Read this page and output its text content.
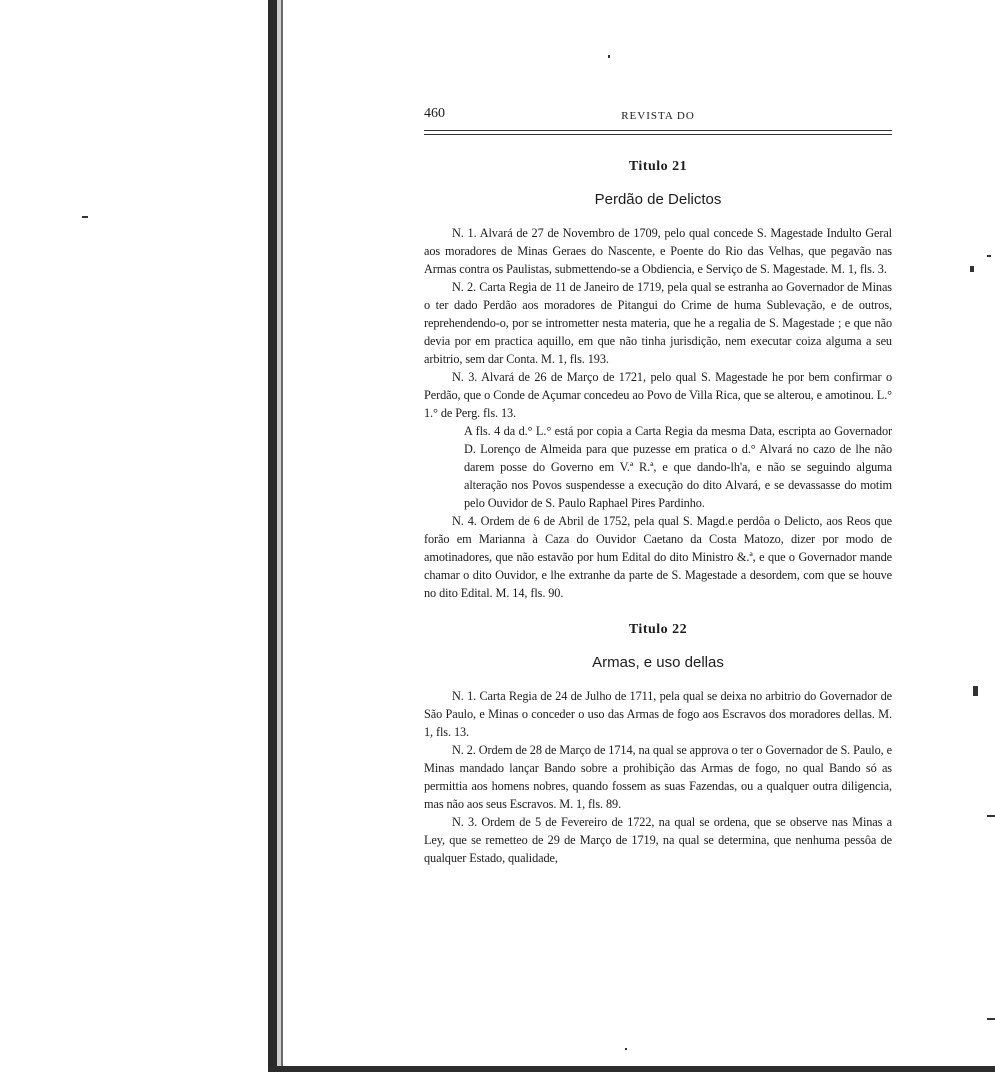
460	REVISTA DO
Titulo 21
Perdão de Delictos

N. 1. Alvará de 27 de Novembro de 1709, pelo qual concede S. Magestade Indulto Geral aos moradores de Minas Geraes do Nascente, e Poente do Rio das Velhas, que pegavão nas Armas contra os Paulistas, submettendo-se a Obdiencia, e Serviço de S. Magestade. M. 1, fls. 3.

N. 2. Carta Regia de 11 de Janeiro de 1719, pela qual se estranha ao Governador de Minas o ter dado Perdão aos moradores de Pitangui do Crime de huma Sublevação, e de outros, reprehendendo-o, por se intrometter nesta materia, que he a regalia de S. Magestade ; e que não devia por em practica aquillo, em que não tinha jurisdição, nem executar coiza alguma a seu arbitrio, sem dar Conta. M. 1, fls. 193.

N. 3. Alvará de 26 de Março de 1721, pelo qual S. Magestade he por bem confirmar o Perdão, que o Conde de Açumar concedeu ao Povo de Villa Rica, que se alterou, e amotinou. L.° 1.° de Perg. fls. 13.

A fls. 4 da d.° L.° está por copia a Carta Regia da mesma Data, escripta ao Governador D. Lorenço de Almeida para que puzesse em pratica o d.° Alvará no cazo de lhe não darem posse do Governo em V.ª R.ª, e que dando-lh'a, e não se seguindo alguma alteração nos Povos suspendesse a execução do dito Alvará, e se devassasse do motim pelo Ouvidor de S. Paulo Raphael Pires Pardinho.

N. 4. Ordem de 6 de Abril de 1752, pela qual S. Magd.e perdôa o Delicto, aos Reos que forão em Marianna à Caza do Ouvidor Caetano da Costa Matozo, dizer por modo de amotinadores, que não estavão por hum Edital do dito Ministro &.ª, e que o Governador mande chamar o dito Ouvidor, e lhe extranhe da parte de S. Magestade a desordem, com que se houve no dito Edital. M. 14, fls. 90.

Titulo 22
Armas, e uso dellas

N. 1. Carta Regia de 24 de Julho de 1711, pela qual se deixa no arbitrio do Governador de São Paulo, e Minas o conceder o uso das Armas de fogo aos Escravos dos moradores dellas. M. 1, fls. 13.

N. 2. Ordem de 28 de Março de 1714, na qual se approva o ter o Governador de S. Paulo, e Minas mandado lançar Bando sobre a prohibição das Armas de fogo, no qual Bando só as permittia aos homens nobres, quando fossem as suas Fazendas, ou a qualquer outra diligencia, mas não aos seus Escravos. M. 1, fls. 89.

N. 3. Ordem de 5 de Fevereiro de 1722, na qual se ordena, que se observe nas Minas a Ley, que se remetteo de 29 de Março de 1719, na qual se determina, que nenhuma pessôa de qualquer Estado, qualidade,
